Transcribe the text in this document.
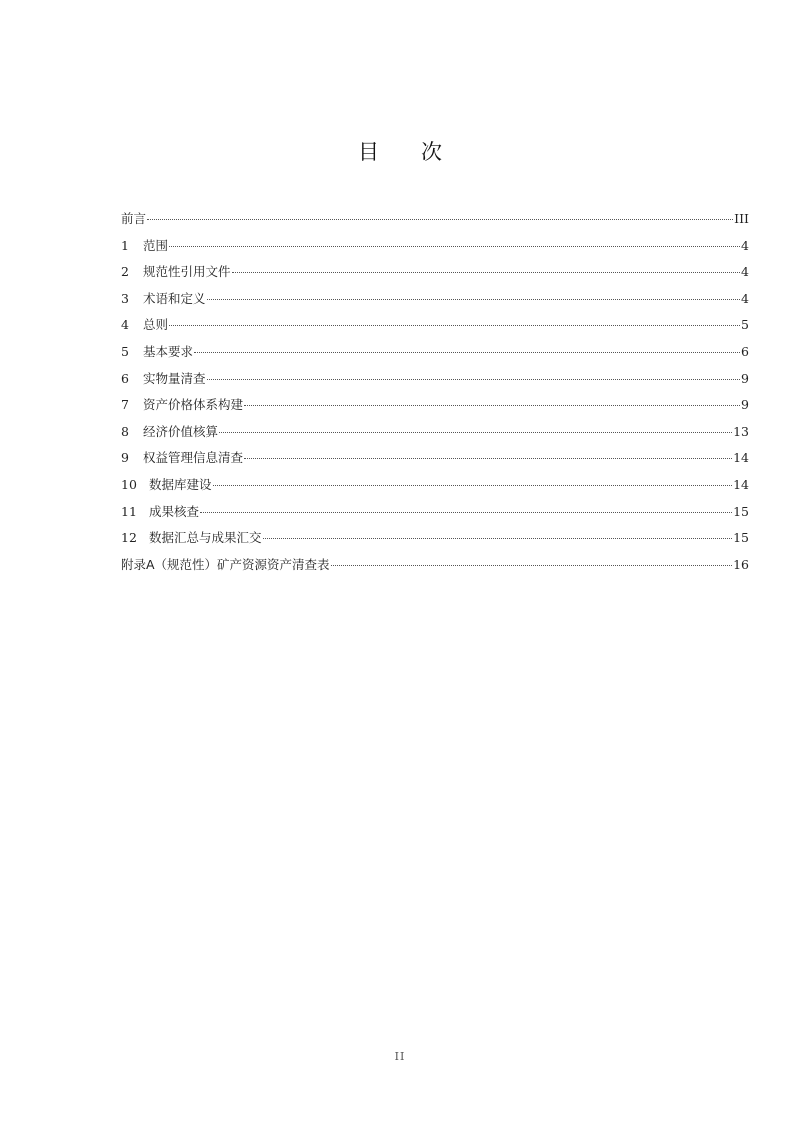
目 次
前言	III
1	范围	4
2	规范性引用文件	4
3	术语和定义	4
4	总则	5
5	基本要求	6
6	实物量清查	9
7	资产价格体系构建	9
8	经济价值核算	13
9	权益管理信息清查	14
10 数据库建设	14
11 成果核查	15
12 数据汇总与成果汇交	15
附录A（规范性）矿产资源资产清查表	16
II
